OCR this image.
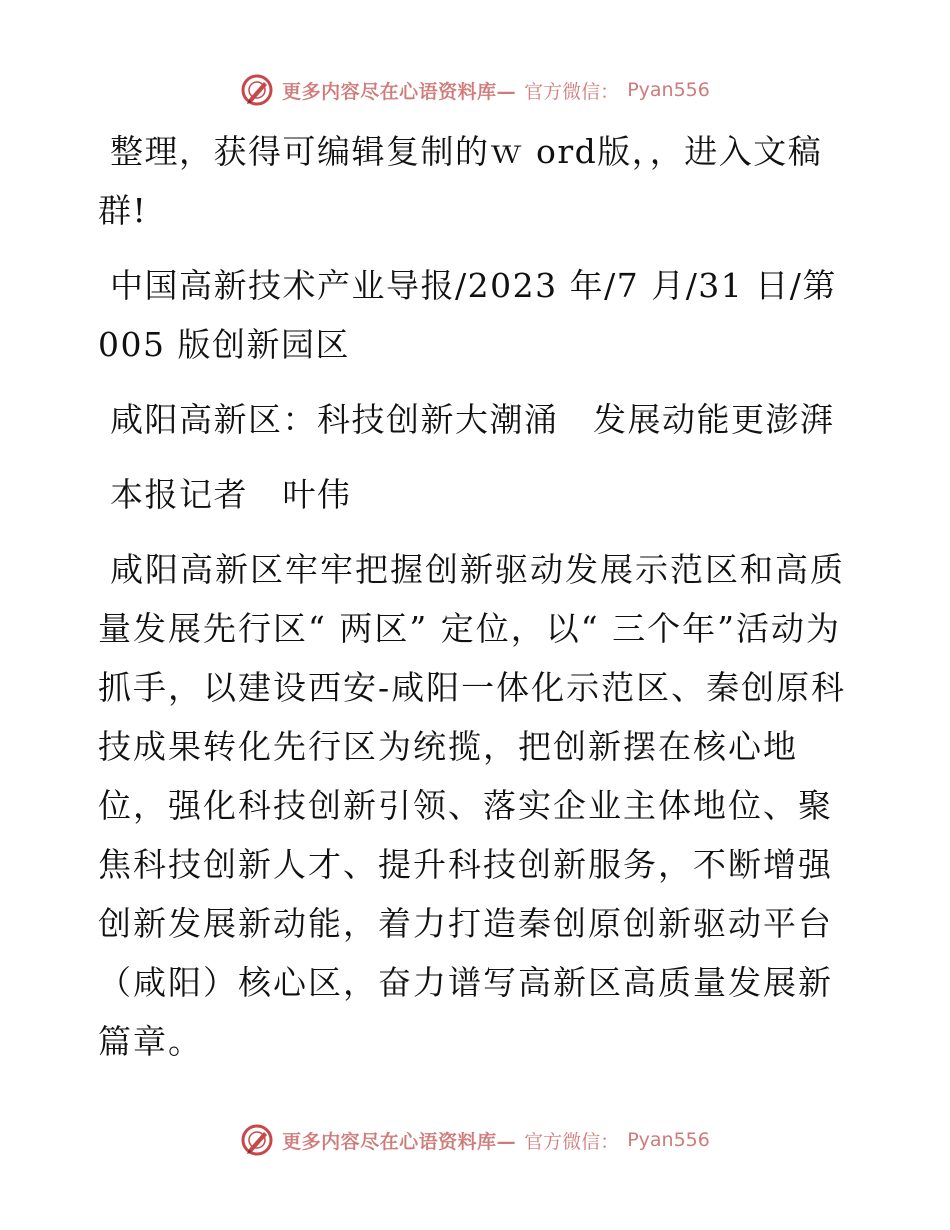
更多内容尽在心语资料库— 官方微信： Pyan556

整理，获得可编辑复制的ｗ ord版，，进入文稿群!

中国高新技术产业导报/2023 年/7 月/31 日/第 005 版创新园区

咸阳高新区：科技创新大潮涌　发展动能更澎湃

本报记者　叶伟

咸阳高新区牢牢把握创新驱动发展示范区和高质量发展先行区“ 两区” 定位，以“ 三个年”活动为抓手，以建设西安-咸阳一体化示范区、秦创原科技成果转化先行区为统揽，把创新摆在核心地位，强化科技创新引领、落实企业主体地位、聚焦科技创新人才、提升科技创新服务，不断增强创新发展新动能，着力打造秦创原创新驱动平台（咸阳）核心区，奋力谱写高新区高质量发展新篇章。

更多内容尽在心语资料库— 官方微信： Pyan556
